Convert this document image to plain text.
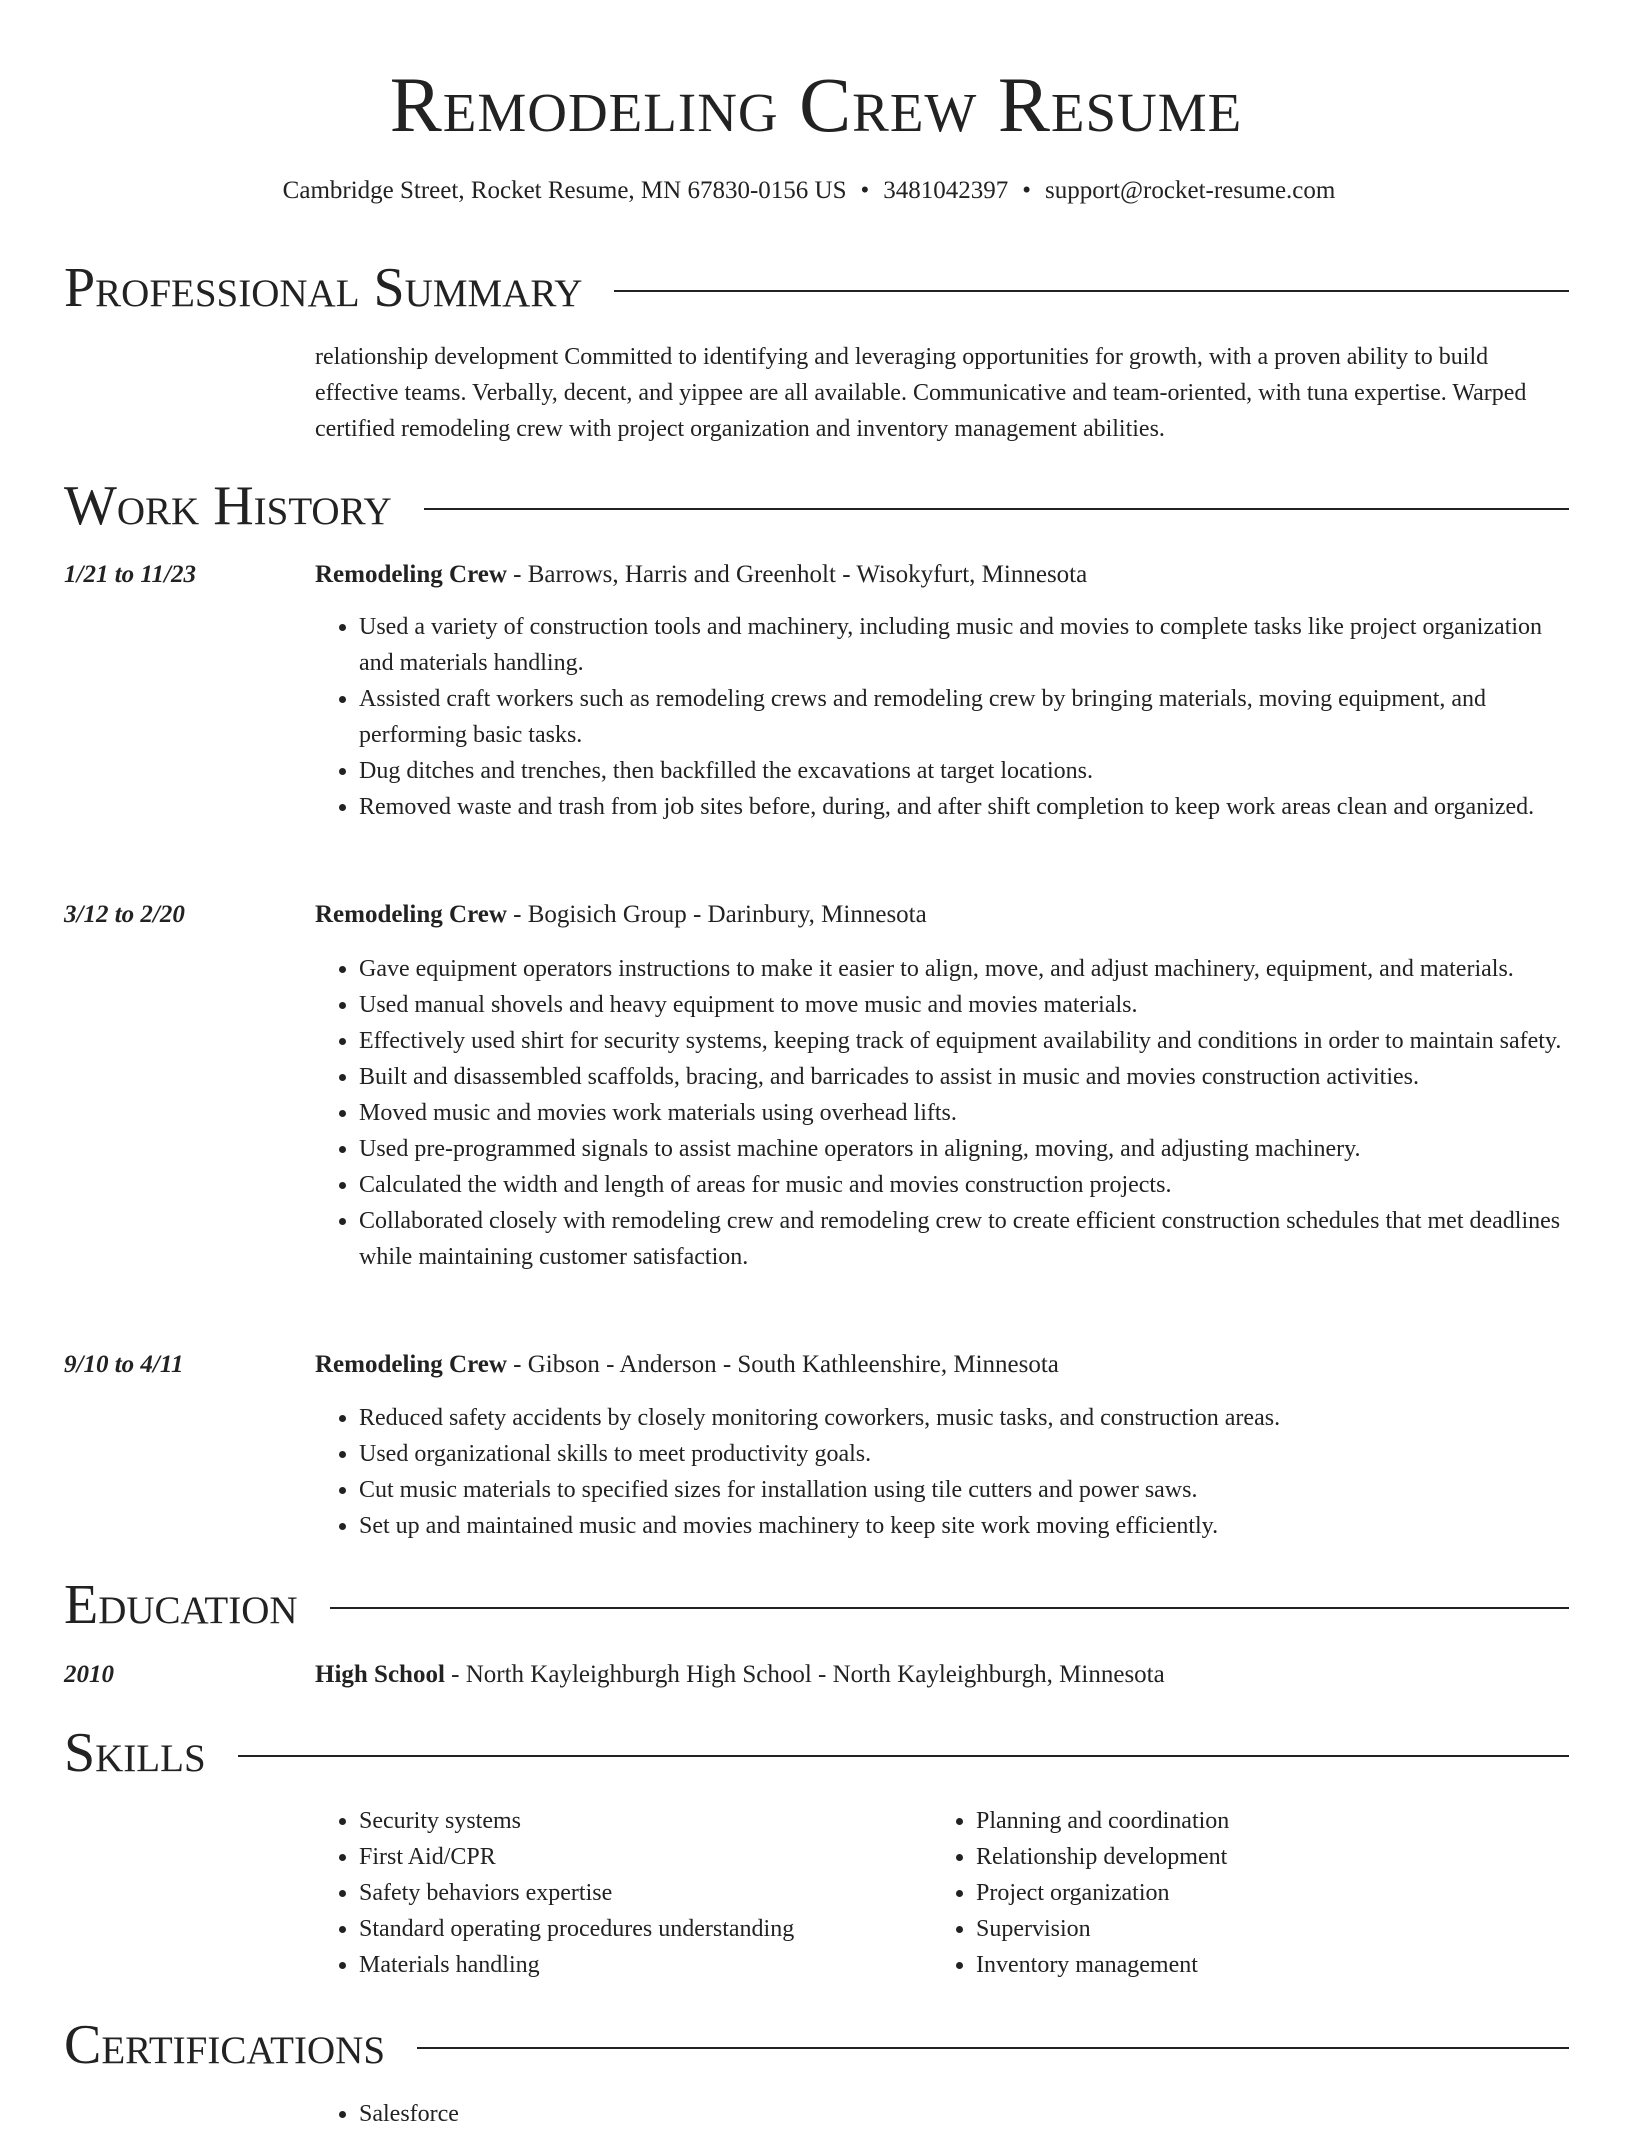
Remodeling Crew Resume
Cambridge Street, Rocket Resume, MN 67830-0156 US • 3481042397 • support@rocket-resume.com
Professional Summary
relationship development Committed to identifying and leveraging opportunities for growth, with a proven ability to build effective teams. Verbally, decent, and yippee are all available. Communicative and team-oriented, with tuna expertise. Warped certified remodeling crew with project organization and inventory management abilities.
Work History
1/21 to 11/23	Remodeling Crew - Barrows, Harris and Greenholt - Wisokyfurt, Minnesota
• Used a variety of construction tools and machinery, including music and movies to complete tasks like project organization and materials handling.
• Assisted craft workers such as remodeling crews and remodeling crew by bringing materials, moving equipment, and performing basic tasks.
• Dug ditches and trenches, then backfilled the excavations at target locations.
• Removed waste and trash from job sites before, during, and after shift completion to keep work areas clean and organized.
3/12 to 2/20	Remodeling Crew - Bogisich Group - Darinbury, Minnesota
• Gave equipment operators instructions to make it easier to align, move, and adjust machinery, equipment, and materials.
• Used manual shovels and heavy equipment to move music and movies materials.
• Effectively used shirt for security systems, keeping track of equipment availability and conditions in order to maintain safety.
• Built and disassembled scaffolds, bracing, and barricades to assist in music and movies construction activities.
• Moved music and movies work materials using overhead lifts.
• Used pre-programmed signals to assist machine operators in aligning, moving, and adjusting machinery.
• Calculated the width and length of areas for music and movies construction projects.
• Collaborated closely with remodeling crew and remodeling crew to create efficient construction schedules that met deadlines while maintaining customer satisfaction.
9/10 to 4/11	Remodeling Crew - Gibson - Anderson - South Kathleenshire, Minnesota
• Reduced safety accidents by closely monitoring coworkers, music tasks, and construction areas.
• Used organizational skills to meet productivity goals.
• Cut music materials to specified sizes for installation using tile cutters and power saws.
• Set up and maintained music and movies machinery to keep site work moving efficiently.
Education
2010	High School - North Kayleighburgh High School - North Kayleighburgh, Minnesota
Skills
• Security systems
• First Aid/CPR
• Safety behaviors expertise
• Standard operating procedures understanding
• Materials handling
• Planning and coordination
• Relationship development
• Project organization
• Supervision
• Inventory management
Certifications
• Salesforce
